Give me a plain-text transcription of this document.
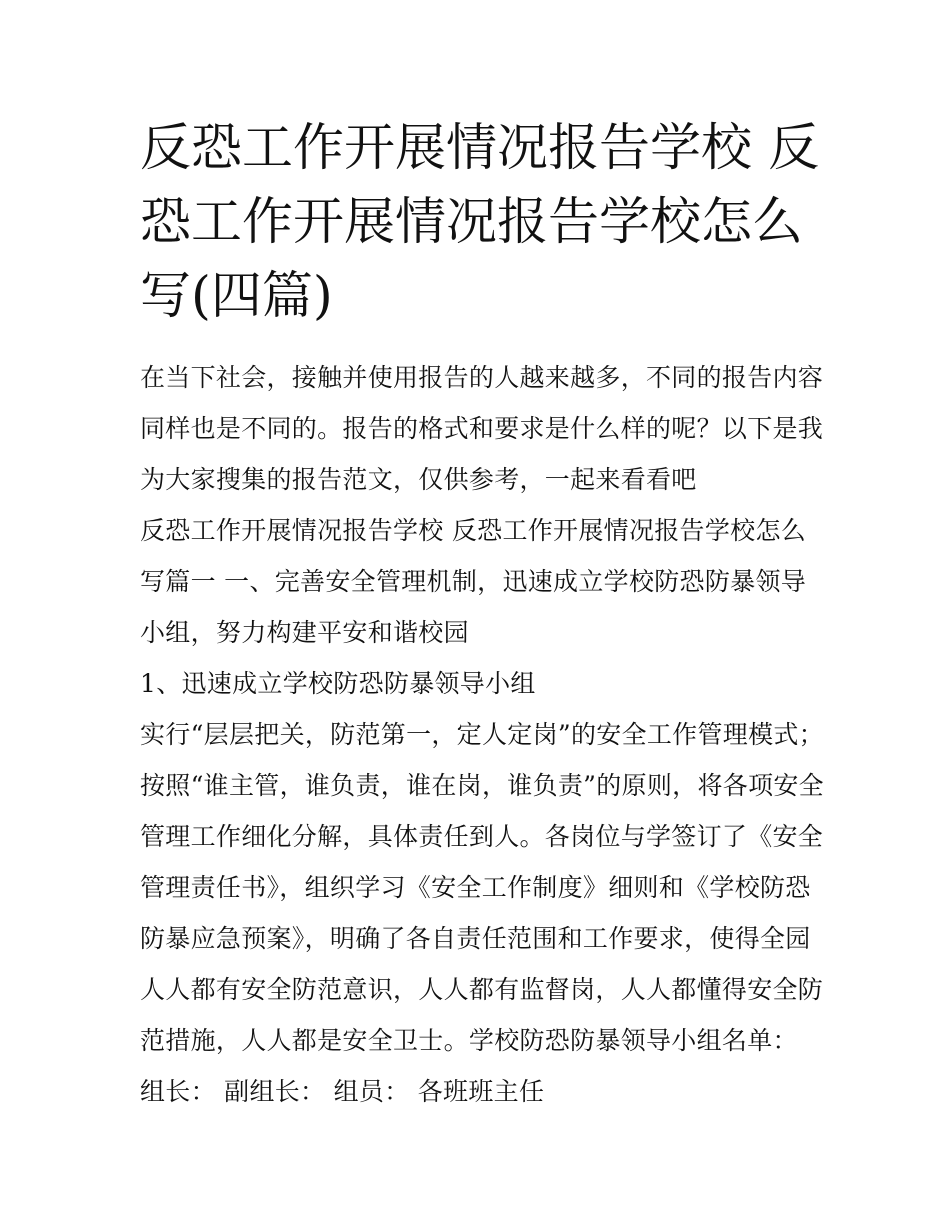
反恐工作开展情况报告学校 反
恐工作开展情况报告学校怎么
写(四篇)
在当下社会，接触并使用报告的人越来越多，不同的报告内容
同样也是不同的。报告的格式和要求是什么样的呢？以下是我
为大家搜集的报告范文，仅供参考，一起来看看吧
反恐工作开展情况报告学校 反恐工作开展情况报告学校怎么
写篇一 一、完善安全管理机制，迅速成立学校防恐防暴领导
小组，努力构建平安和谐校园
1、迅速成立学校防恐防暴领导小组
实行“层层把关，防范第一，定人定岗”的安全工作管理模式；
按照“谁主管，谁负责，谁在岗，谁负责”的原则，将各项安全
管理工作细化分解，具体责任到人。各岗位与学签订了《安全
管理责任书》，组织学习《安全工作制度》细则和《学校防恐
防暴应急预案》，明确了各自责任范围和工作要求，使得全园
人人都有安全防范意识，人人都有监督岗，人人都懂得安全防
范措施，人人都是安全卫士。学校防恐防暴领导小组名单：
组长： 副组长： 组员： 各班班主任
